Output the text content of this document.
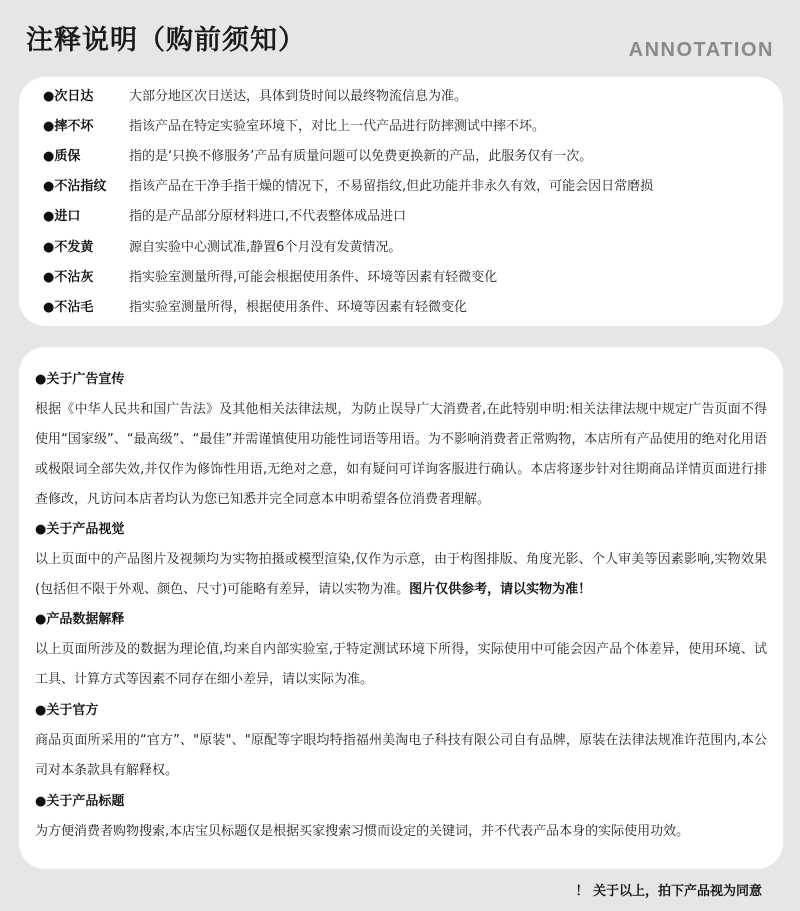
注释说明（购前须知）	ANNOTATION
●次日达	大部分地区次日送达，具体到货时间以最终物流信息为准。
●摔不坏	指该产品在特定实验室环境下，对比上一代产品进行防摔测试中摔不坏。
●质保	指的是‘只换不修服务’产品有质量问题可以免费更换新的产品，此服务仅有一次。
●不沾指纹	指该产品在干净手指干燥的情况下，不易留指纹,但此功能并非永久有效，可能会因日常磨损
●进口	指的是产品部分原材料进口,不代表整体成品进口
●不发黄	源自实验中心测试准,静置6个月没有发黄情况。
●不沾灰	指实验室测量所得,可能会根据使用条件、环境等因素有轻微变化
●不沾毛	指实验室测量所得，根据使用条件、环境等因素有轻微变化
●关于广告宣传
根据《中华人民共和国广告法》及其他相关法律法规，为防止误导广大消费者,在此特别申明:相关法律法规中规定广告页面不得使用“国家级”、“最高级”、“最佳”并需谨慎使用功能性词语等用语。为不影响消费者正常购物，本店所有产品使用的绝对化用语或极限词全部失效,并仅作为修饰性用语,无绝对之意，如有疑问可详询客服进行确认。本店将逐步针对往期商品详情页面进行排查修改，凡访问本店者均认为您已知悉并完全同意本申明希望各位消费者理解。
●关于产品视觉
以上页面中的产品图片及视频均为实物拍摄或模型渲染,仅作为示意，由于构图排版、角度光影、个人审美等因素影响,实物效果(包括但不限于外观、颜色、尺寸)可能略有差异，请以实物为准。图片仅供参考，请以实物为准！
●产品数据解释
以上页面所涉及的数据为理论值,均来自内部实验室,于特定测试环境下所得，实际使用中可能会因产品个体差异，使用环境、试工具、计算方式等因素不同存在细小差异，请以实际为准。
●关于官方
商品页面所采用的“官方”、"原装"、"原配等字眼均特指福州美淘电子科技有限公司自有品牌，原装在法律法规准许范围内,本公司对本条款具有解释权。
●关于产品标题
为方便消费者购物搜索,本店宝贝标题仅是根据买家搜索习惯而设定的关键词，并不代表产品本身的实际使用功效。
！ 关于以上，拍下产品视为同意
